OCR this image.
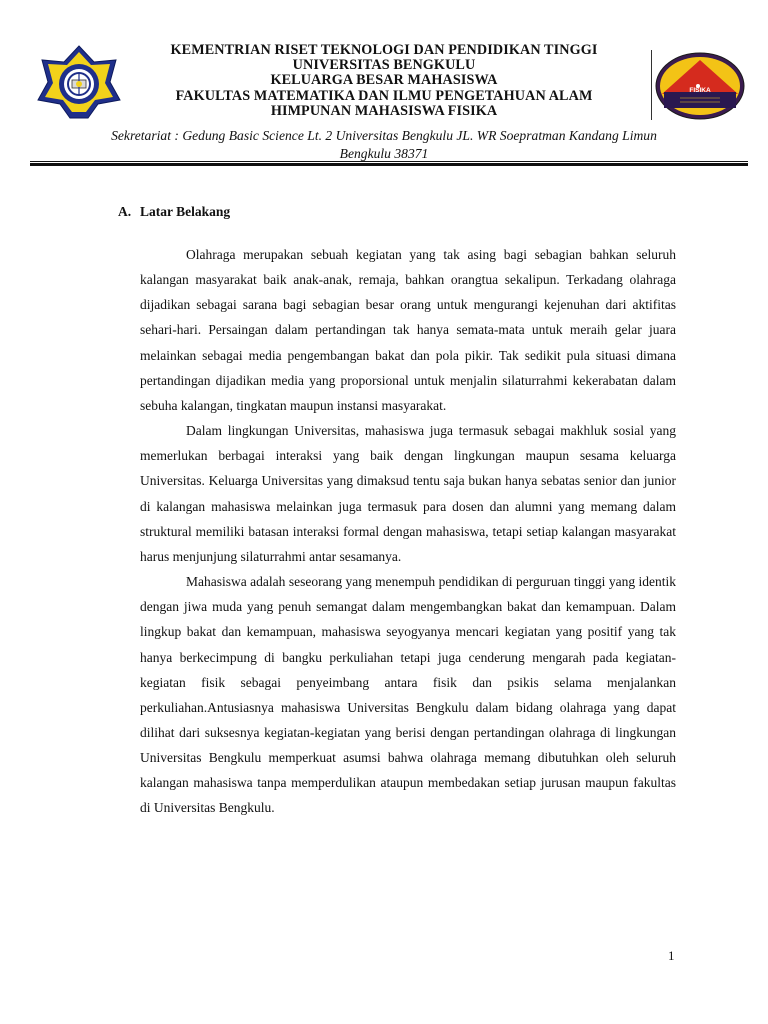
KEMENTRIAN RISET TEKNOLOGI DAN PENDIDIKAN TINGGI
UNIVERSITAS BENGKULU
KELUARGA BESAR MAHASISWA
FAKULTAS MATEMATIKA DAN ILMU PENGETAHUAN ALAM
HIMPUNAN MAHASISWA FISIKA
FISIKA
Sekretariat : Gedung Basic Science Lt. 2 Universitas Bengkulu JL. WR Soepratman Kandang Limun Bengkulu 38371
A. Latar Belakang

Olahraga merupakan sebuah kegiatan yang tak asing bagi sebagian bahkan seluruh kalangan masyarakat baik anak-anak, remaja, bahkan orangtua sekalipun. Terkadang olahraga dijadikan sebagai sarana bagi sebagian besar orang untuk mengurangi kejenuhan dari aktifitas sehari-hari. Persaingan dalam pertandingan tak hanya semata-mata untuk meraih gelar juara melainkan sebagai media pengembangan bakat dan pola pikir. Tak sedikit pula situasi dimana pertandingan dijadikan media yang proporsional untuk menjalin silaturrahmi kekerabatan dalam sebuha kalangan, tingkatan maupun instansi masyarakat.

Dalam lingkungan Universitas, mahasiswa juga termasuk sebagai makhluk sosial yang memerlukan berbagai interaksi yang baik dengan lingkungan maupun sesama keluarga Universitas. Keluarga Universitas yang dimaksud tentu saja bukan hanya sebatas senior dan junior di kalangan mahasiswa melainkan juga termasuk para dosen dan alumni yang memang dalam struktural memiliki batasan interaksi formal dengan mahasiswa, tetapi setiap kalangan masyarakat harus menjunjung silaturrahmi antar sesamanya.

Mahasiswa adalah seseorang yang menempuh pendidikan di perguruan tinggi yang identik dengan jiwa muda yang penuh semangat dalam mengembangkan bakat dan kemampuan. Dalam lingkup bakat dan kemampuan, mahasiswa seyogyanya mencari kegiatan yang positif yang tak hanya berkecimpung di bangku perkuliahan tetapi juga cenderung mengarah pada kegiatan-kegiatan fisik sebagai penyeimbang antara fisik dan psikis selama menjalankan perkuliahan.Antusiasnya mahasiswa Universitas Bengkulu dalam bidang olahraga yang dapat dilihat dari suksesnya kegiatan-kegiatan yang berisi dengan pertandingan olahraga di lingkungan Universitas Bengkulu memperkuat asumsi bahwa olahraga memang dibutuhkan oleh seluruh kalangan mahasiswa tanpa memperdulikan ataupun membedakan setiap jurusan maupun fakultas di Universitas Bengkulu.

1
